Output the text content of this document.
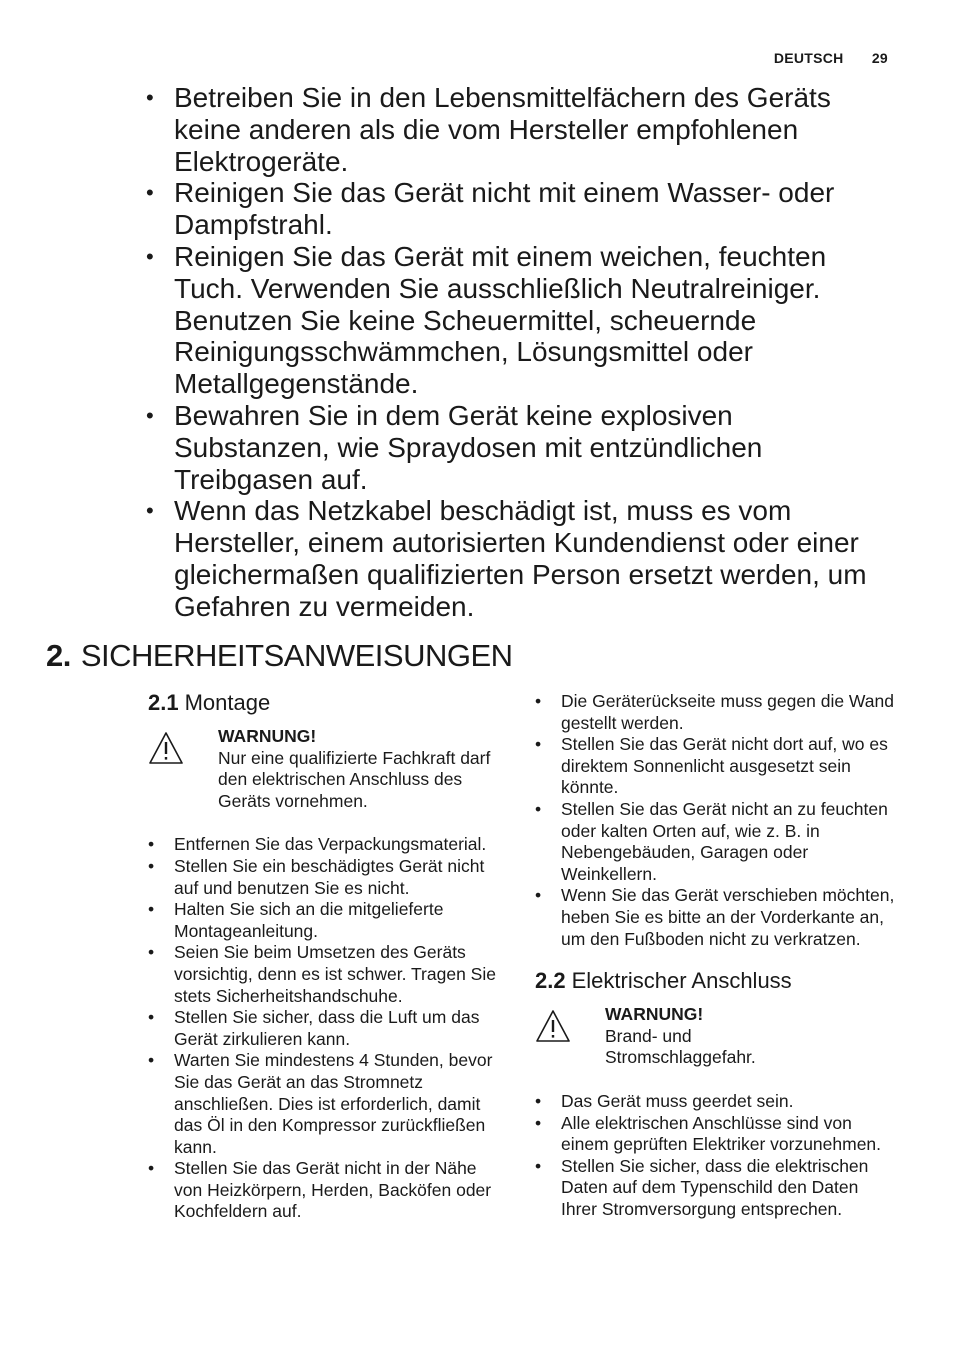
DEUTSCH 29
• Betreiben Sie in den Lebensmittelfächern des Geräts keine anderen als die vom Hersteller empfohlenen Elektrogeräte.
• Reinigen Sie das Gerät nicht mit einem Wasser- oder Dampfstrahl.
• Reinigen Sie das Gerät mit einem weichen, feuchten Tuch. Verwenden Sie ausschließlich Neutralreiniger. Benutzen Sie keine Scheuermittel, scheuernde Reinigungsschwämmchen, Lösungsmittel oder Metallgegenstände.
• Bewahren Sie in dem Gerät keine explosiven Substanzen, wie Spraydosen mit entzündlichen Treibgasen auf.
• Wenn das Netzkabel beschädigt ist, muss es vom Hersteller, einem autorisierten Kundendienst oder einer gleichermaßen qualifizierten Person ersetzt werden, um Gefahren zu vermeiden.
2. SICHERHEITSANWEISUNGEN
2.1 Montage
WARNUNG!
Nur eine qualifizierte Fachkraft darf den elektrischen Anschluss des Geräts vornehmen.
• Entfernen Sie das Verpackungsmaterial.
• Stellen Sie ein beschädigtes Gerät nicht auf und benutzen Sie es nicht.
• Halten Sie sich an die mitgelieferte Montageanleitung.
• Seien Sie beim Umsetzen des Geräts vorsichtig, denn es ist schwer. Tragen Sie stets Sicherheitshandschuhe.
• Stellen Sie sicher, dass die Luft um das Gerät zirkulieren kann.
• Warten Sie mindestens 4 Stunden, bevor Sie das Gerät an das Stromnetz anschließen. Dies ist erforderlich, damit das Öl in den Kompressor zurückfließen kann.
• Stellen Sie das Gerät nicht in der Nähe von Heizkörpern, Herden, Backöfen oder Kochfeldern auf.
• Die Geräterückseite muss gegen die Wand gestellt werden.
• Stellen Sie das Gerät nicht dort auf, wo es direktem Sonnenlicht ausgesetzt sein könnte.
• Stellen Sie das Gerät nicht an zu feuchten oder kalten Orten auf, wie z. B. in Nebengebäuden, Garagen oder Weinkellern.
• Wenn Sie das Gerät verschieben möchten, heben Sie es bitte an der Vorderkante an, um den Fußboden nicht zu verkratzen.
2.2 Elektrischer Anschluss
WARNUNG!
Brand- und Stromschlaggefahr.
• Das Gerät muss geerdet sein.
• Alle elektrischen Anschlüsse sind von einem geprüften Elektriker vorzunehmen.
• Stellen Sie sicher, dass die elektrischen Daten auf dem Typenschild den Daten Ihrer Stromversorgung entsprechen.
